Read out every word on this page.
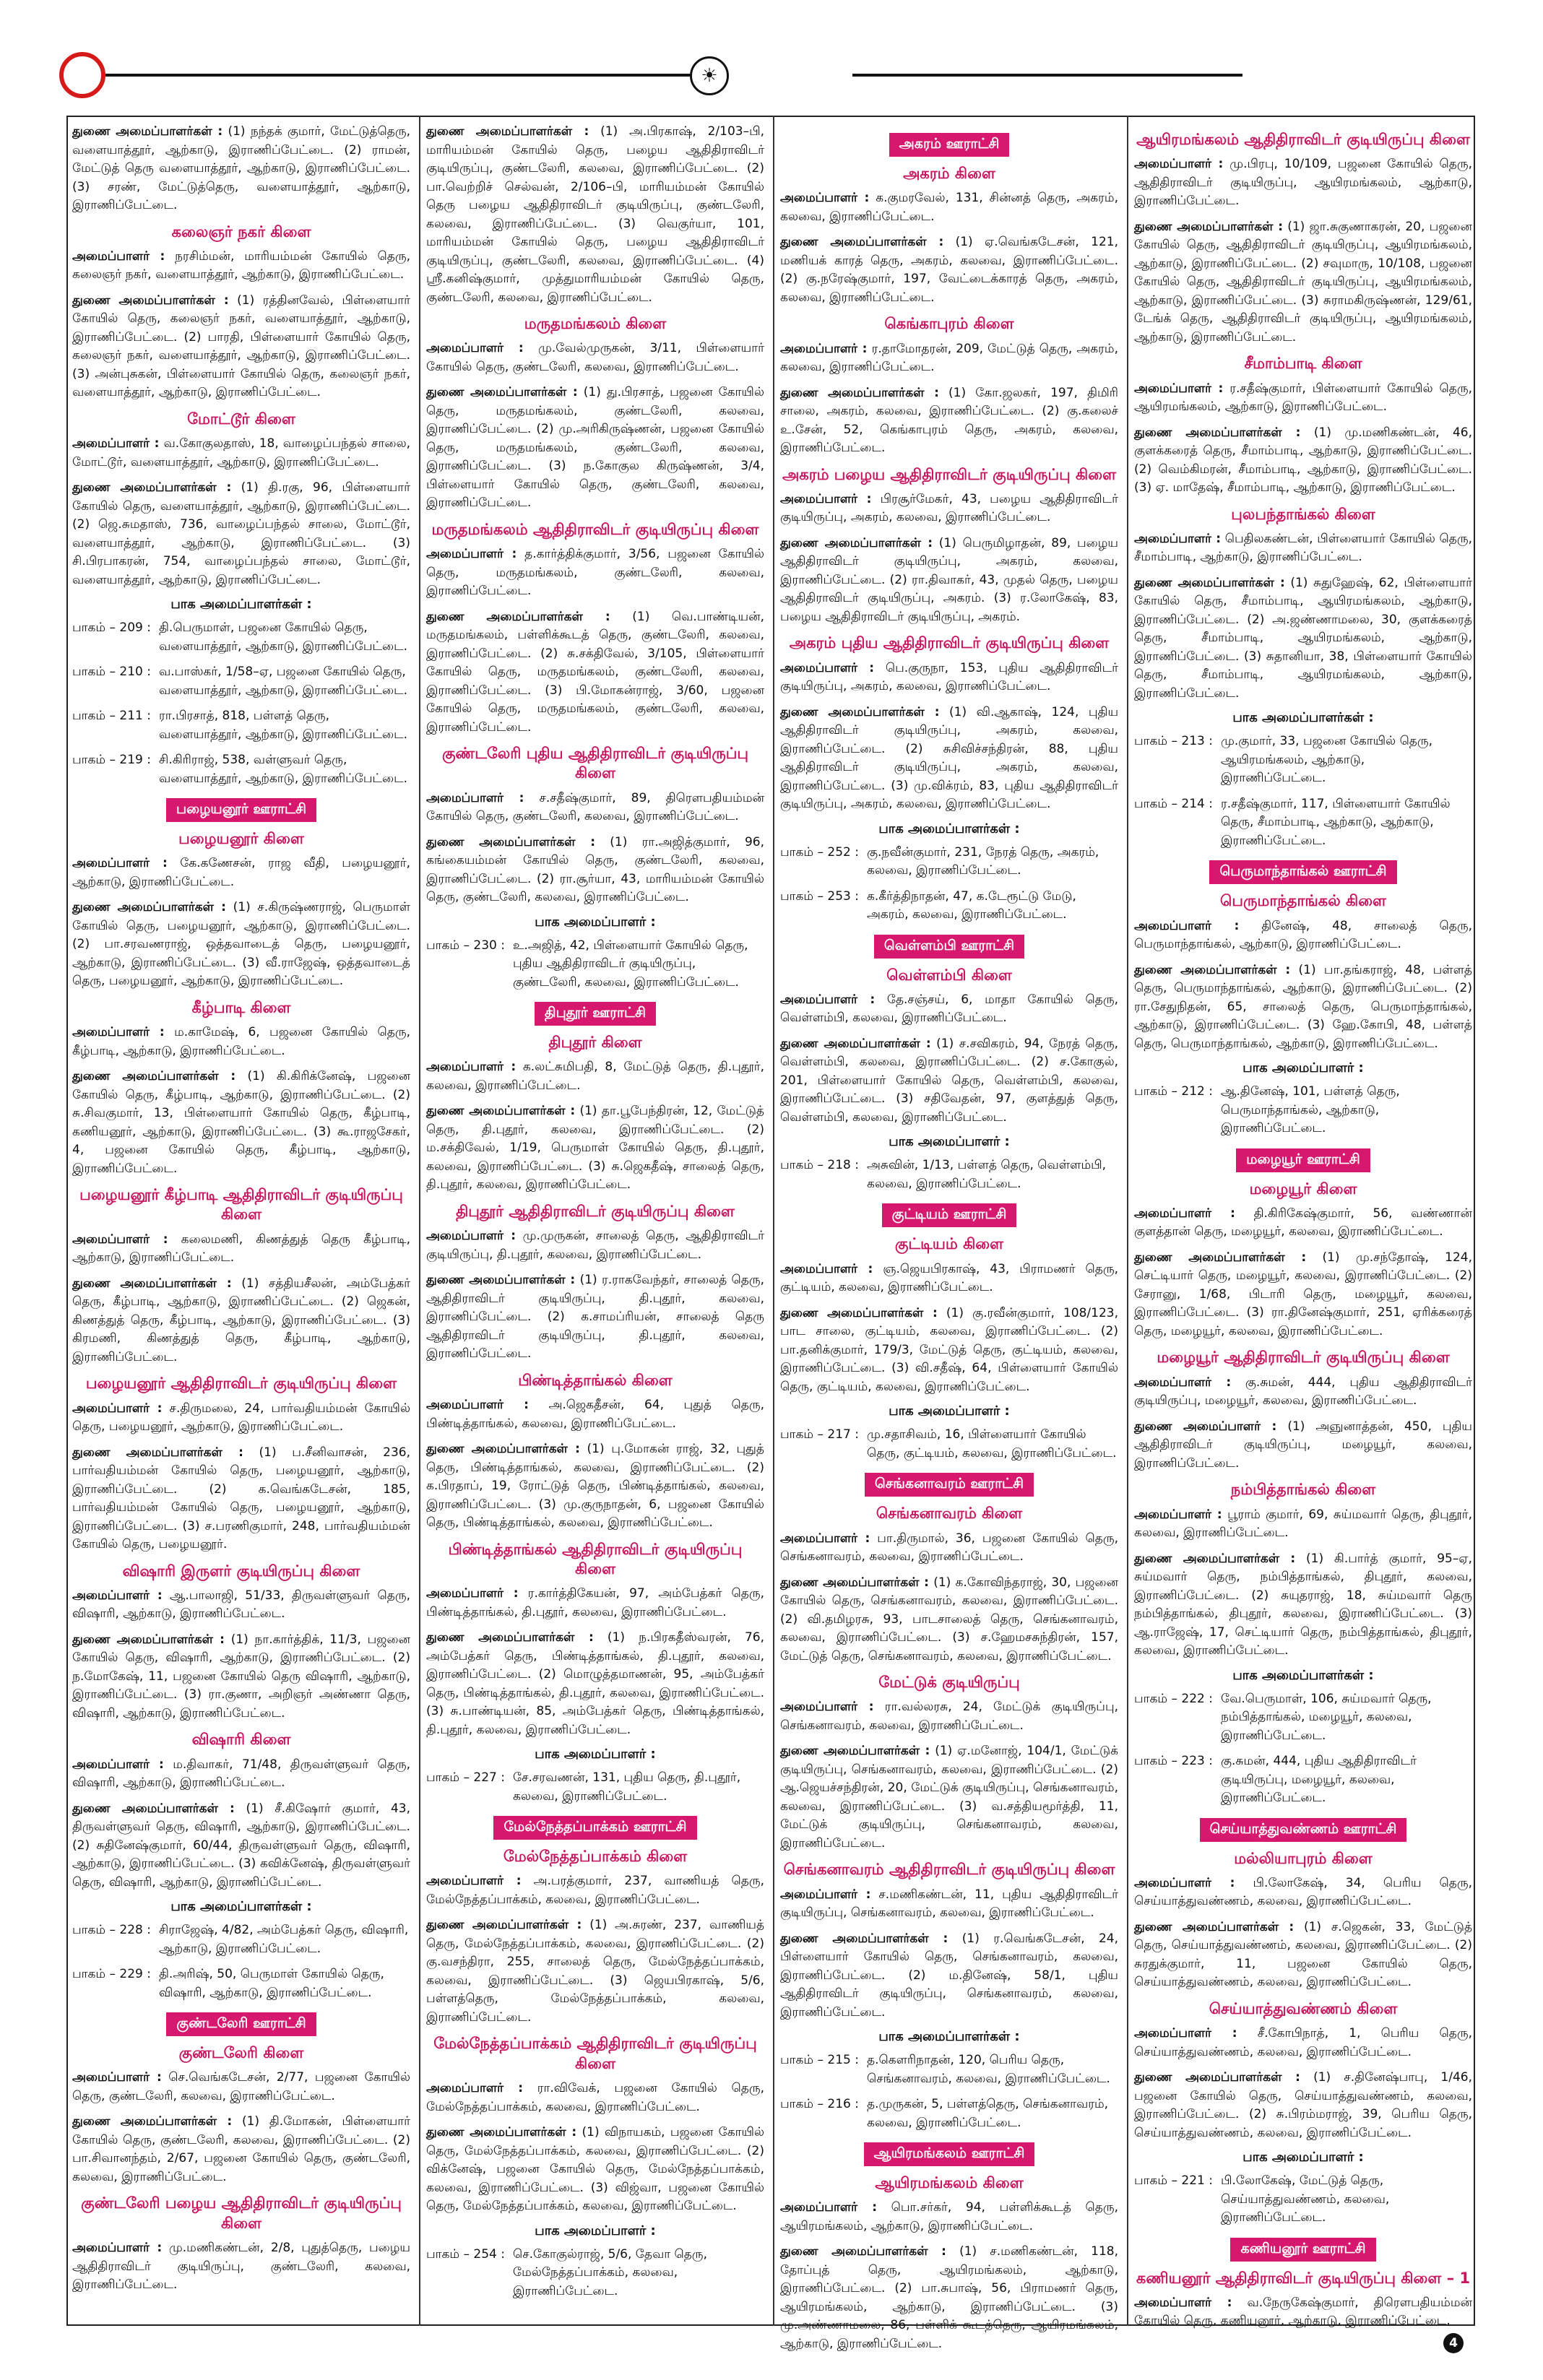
☀
துணை அமைப்பாளர்கள் : (1) நந்தக் குமார், மேட்டுத்தெரு, வளையாத்தூர், ஆற்காடு, இராணிப்பேட்டை. (2) ராமன், மேட்டுத் தெரு வளையாத்தூர், ஆற்காடு, இராணிப்பேட்டை. (3) சரண், மேட்டுத்தெரு, வளையாத்தூர், ஆற்காடு, இராணிப்பேட்டை.
கலைஞர் நகர் கிளை
அமைப்பாளர் : நரசிம்மன், மாரியம்மன் கோயில் தெரு, கலைஞர் நகர், வளையாத்தூர், ஆற்காடு, இராணிப்பேட்டை.
துணை அமைப்பாளர்கள் : (1) ரத்தினவேல், பிள்ளையார் கோயில் தெரு, கலைஞர் நகர், வளையாத்தூர், ஆற்காடு, இராணிப்பேட்டை. (2) பாரதி, பிள்ளையார் கோயில் தெரு, கலைஞர் நகர், வளையாத்தூர், ஆற்காடு, இராணிப்பேட்டை. (3) அன்புசுகன், பிள்ளையார் கோயில் தெரு, கலைஞர் நகர், வளையாத்தூர், ஆற்காடு, இராணிப்பேட்டை.
மோட்டூர் கிளை
அமைப்பாளர் : வ.கோகுலதாஸ், 18, வாழைப்பந்தல் சாலை, மோட்டூர், வளையாத்தூர், ஆற்காடு, இராணிப்பேட்டை.
துணை அமைப்பாளர்கள் : (1) தி.ரகு, 96, பிள்ளையார் கோயில் தெரு, வளையாத்தூர், ஆற்காடு, இராணிப்பேட்டை. (2) ஜெ.சுமதாஸ், 736, வாழைப்பந்தல் சாலை, மோட்டூர், வளையாத்தூர், ஆற்காடு, இராணிப்பேட்டை. (3) சி.பிரபாகரன், 754, வாழைப்பந்தல் சாலை, மோட்டூர், வளையாத்தூர், ஆற்காடு, இராணிப்பேட்டை.
பாக அமைப்பாளர்கள் :
பாகம் – 209 : தி.பெருமாள், பஜனை கோயில் தெரு, வளையாத்தூர், ஆற்காடு, இராணிப்பேட்டை.
பாகம் – 210 : வ.பாஸ்கர், 1/58–ஏ, பஜனை கோயில் தெரு, வளையாத்தூர், ஆற்காடு, இராணிப்பேட்டை.
பாகம் – 211 : ரா.பிரசாத், 818, பள்ளத் தெரு, வளையாத்தூர், ஆற்காடு, இராணிப்பேட்டை.
பாகம் – 219 : சி.கிரிராஜ், 538, வள்ளுவர் தெரு, வளையாத்தூர், ஆற்காடு, இராணிப்பேட்டை.
பழையனூர் ஊராட்சி
பழையனூர் கிளை
அமைப்பாளர் : கே.கணேசன், ராஜ வீதி, பழையனூர், ஆற்காடு, இராணிப்பேட்டை.
துணை அமைப்பாளர்கள் : (1) ச.கிருஷ்ணராஜ், பெருமாள் கோயில் தெரு, பழையனூர், ஆற்காடு, இராணிப்பேட்டை. (2) பா.சரவணராஜ், ஒத்தவாடைத் தெரு, பழையனூர், ஆற்காடு, இராணிப்பேட்டை. (3) வீ.ராஜேஷ், ஒத்தவாடைத் தெரு, பழையனூர், ஆற்காடு, இராணிப்பேட்டை.
கீழ்பாடி கிளை
அமைப்பாளர் : ம.காமேஷ், 6, பஜனை கோயில் தெரு, கீழ்பாடி, ஆற்காடு, இராணிப்பேட்டை.
துணை அமைப்பாளர்கள் : (1) கி.கிரிக்னேஷ், பஜனை கோயில் தெரு, கீழ்பாடி, ஆற்காடு, இராணிப்பேட்டை. (2) சு.சிவகுமார், 13, பிள்ளையார் கோயில் தெரு, கீழ்பாடி, கணியனூர், ஆற்காடு, இராணிப்பேட்டை. (3) கூ.ராஜசேகர், 4, பஜனை கோயில் தெரு, கீழ்பாடி, ஆற்காடு, இராணிப்பேட்டை.
பழையனூர் கீழ்பாடி ஆதிதிராவிடர் குடியிருப்பு கிளை
அமைப்பாளர் : கலைமணி, கிணத்துத் தெரு கீழ்பாடி, ஆற்காடு, இராணிப்பேட்டை.
துணை அமைப்பாளர்கள் : (1) சத்தியசீலன், அம்பேத்கர் தெரு, கீழ்பாடி, ஆற்காடு, இராணிப்பேட்டை. (2) ஜெகன், கிணத்துத் தெரு, கீழ்பாடி, ஆற்காடு, இராணிப்பேட்டை. (3) கிரமணி, கிணத்துத் தெரு, கீழ்பாடி, ஆற்காடு, இராணிப்பேட்டை.
பழையனூர் ஆதிதிராவிடர் குடியிருப்பு கிளை
அமைப்பாளர் : ச.திருமலை, 24, பார்வதியம்மன் கோயில் தெரு, பழையனூர், ஆற்காடு, இராணிப்பேட்டை.
துணை அமைப்பாளர்கள் : (1) ப.சீனிவாசன், 236, பார்வதியம்மன் கோயில் தெரு, பழையனூர், ஆற்காடு, இராணிப்பேட்டை. (2) க.வெங்கடேசன், 185, பார்வதியம்மன் கோயில் தெரு, பழையனூர், ஆற்காடு, இராணிப்பேட்டை. (3) ச.பரணிகுமார், 248, பார்வதியம்மன் கோயில் தெரு, பழையனூர்.
விஷாரி இருளர் குடியிருப்பு கிளை
அமைப்பாளர் : ஆ.பாலாஜி, 51/33, திருவள்ளுவர் தெரு, விஷாரி, ஆற்காடு, இராணிப்பேட்டை.
துணை அமைப்பாளர்கள் : (1) நா.கார்த்திக், 11/3, பஜனை கோயில் தெரு, விஷாரி, ஆற்காடு, இராணிப்பேட்டை. (2) ந.மோகேஷ், 11, பஜனை கோயில் தெரு விஷாரி, ஆற்காடு, இராணிப்பேட்டை. (3) ரா.குணா, அறிஞர் அண்ணா தெரு, விஷாரி, ஆற்காடு, இராணிப்பேட்டை.
விஷாரி கிளை
அமைப்பாளர் : ம.திவாகர், 71/48, திருவள்ளுவர் தெரு, விஷாரி, ஆற்காடு, இராணிப்பேட்டை.
துணை அமைப்பாளர்கள் : (1) சீ.கிஷோர் குமார், 43, திருவள்ளுவர் தெரு, விஷாரி, ஆற்காடு, இராணிப்பேட்டை. (2) சுதினேஷ்குமார், 60/44, திருவள்ளுவர் தெரு, விஷாரி, ஆற்காடு, இராணிப்பேட்டை. (3) கவிக்னேஷ், திருவள்ளுவர் தெரு, விஷாரி, ஆற்காடு, இராணிப்பேட்டை.
பாக அமைப்பாளர்கள் :
பாகம் – 228 : சிராஜேஷ், 4/82, அம்பேத்கர் தெரு, விஷாரி, ஆற்காடு, இராணிப்பேட்டை.
பாகம் – 229 : தி.அரிஷ், 50, பெருமாள் கோயில் தெரு, விஷாரி, ஆற்காடு, இராணிப்பேட்டை.
குண்டலேரி ஊராட்சி
குண்டலேரி கிளை
அமைப்பாளர் : செ.வெங்கடேசன், 2/77, பஜனை கோயில் தெரு, குண்டலேரி, கலவை, இராணிப்பேட்டை.
துணை அமைப்பாளர்கள் : (1) தி.மோகன், பிள்ளையார் கோயில் தெரு, குண்டலேரி, கலவை, இராணிப்பேட்டை. (2) பா.சிவானந்தம், 2/67, பஜனை கோயில் தெரு, குண்டலேரி, கலவை, இராணிப்பேட்டை.
குண்டலேரி பழைய ஆதிதிராவிடர் குடியிருப்பு கிளை
அமைப்பாளர் : மு.மணிகண்டன், 2/8, புதுத்தெரு, பழைய ஆதிதிராவிடர் குடியிருப்பு, குண்டலேரி, கலவை, இராணிப்பேட்டை.
துணை அமைப்பாளர்கள் : (1) அ.பிரகாஷ், 2/103–பி, மாரியம்மன் கோயில் தெரு, பழைய ஆதிதிராவிடர் குடியிருப்பு, குண்டலேரி, கலவை, இராணிப்பேட்டை. (2) பா.வெற்றிச் செல்வன், 2/106–பி, மாரியம்மன் கோயில் தெரு பழைய ஆதிதிராவிடர் குடியிருப்பு, குண்டலேரி, கலவை, இராணிப்பேட்டை. (3) வெகுர்யா, 101, மாரியம்மன் கோயில் தெரு, பழைய ஆதிதிராவிடர் குடியிருப்பு, குண்டலேரி, கலவை, இராணிப்பேட்டை. (4) ஸ்ரீ.கனிஷ்குமார், முத்துமாரியம்மன் கோயில் தெரு, குண்டலேரி, கலவை, இராணிப்பேட்டை.
மருதமங்கலம் கிளை
அமைப்பாளர் : மு.வேல்முருகன், 3/11, பிள்ளையார் கோயில் தெரு, குண்டலேரி, கலவை, இராணிப்பேட்டை.
துணை அமைப்பாளர்கள் : (1) து.பிரசாத், பஜனை கோயில் தெரு, மருதமங்கலம், குண்டலேரி, கலவை, இராணிப்பேட்டை. (2) மு.அரிகிருஷ்ணன், பஜனை கோயில் தெரு, மருதமங்கலம், குண்டலேரி, கலவை, இராணிப்பேட்டை. (3) ந.கோகுல கிருஷ்ணன், 3/4, பிள்ளையார் கோயில் தெரு, குண்டலேரி, கலவை, இராணிப்பேட்டை.
மருதமங்கலம் ஆதிதிராவிடர் குடியிருப்பு கிளை
அமைப்பாளர் : த.கார்த்திக்குமார், 3/56, பஜனை கோயில் தெரு, மருதமங்கலம், குண்டலேரி, கலவை, இராணிப்பேட்டை.
துணை அமைப்பாளர்கள் : (1) வெ.பாண்டியன், மருதமங்கலம், பள்ளிக்கூடத் தெரு, குண்டலேரி, கலவை, இராணிப்பேட்டை. (2) சு.சக்திவேல், 3/105, பிள்ளையார் கோயில் தெரு, மருதமங்கலம், குண்டலேரி, கலவை, இராணிப்பேட்டை. (3) பி.மோகன்ராஜ், 3/60, பஜனை கோயில் தெரு, மருதமங்கலம், குண்டலேரி, கலவை, இராணிப்பேட்டை.
குண்டலேரி புதிய ஆதிதிராவிடர் குடியிருப்பு கிளை
அமைப்பாளர் : ச.சதீஷ்குமார், 89, திரௌபதியம்மன் கோயில் தெரு, குண்டலேரி, கலவை, இராணிப்பேட்டை.
துணை அமைப்பாளர்கள் : (1) ரா.அஜித்குமார், 96, கங்கையம்மன் கோயில் தெரு, குண்டலேரி, கலவை, இராணிப்பேட்டை. (2) ரா.சூர்யா, 43, மாரியம்மன் கோயில் தெரு, குண்டலேரி, கலவை, இராணிப்பேட்டை.
பாக அமைப்பாளர் :
பாகம் – 230 : உ.அஜித், 42, பிள்ளையார் கோயில் தெரு, புதிய ஆதிதிராவிடர் குடியிருப்பு, குண்டலேரி, கலவை, இராணிப்பேட்டை.
திபுதூர் ஊராட்சி
திபுதூர் கிளை
அமைப்பாளர் : க.லட்சுமிபதி, 8, மேட்டுத் தெரு, தி.புதூர், கலவை, இராணிப்பேட்டை.
துணை அமைப்பாளர்கள் : (1) தா.பூபேந்திரன், 12, மேட்டுத் தெரு, தி.புதூர், கலவை, இராணிப்பேட்டை. (2) ம.சக்திவேல், 1/19, பெருமாள் கோயில் தெரு, தி.புதூர், கலவை, இராணிப்பேட்டை. (3) சு.ஜெகதீஷ், சாலைத் தெரு, தி.புதூர், கலவை, இராணிப்பேட்டை.
திபுதூர் ஆதிதிராவிடர் குடியிருப்பு கிளை
அமைப்பாளர் : மு.முருகன், சாலைத் தெரு, ஆதிதிராவிடர் குடியிருப்பு, தி.புதூர், கலவை, இராணிப்பேட்டை.
துணை அமைப்பாளர்கள் : (1) ர.ராகவேந்தர், சாலைத் தெரு, ஆதிதிராவிடர் குடியிருப்பு, தி.புதூர், கலவை, இராணிப்பேட்டை. (2) க.சாமப்ரியன், சாலைத் தெரு ஆதிதிராவிடர் குடியிருப்பு, தி.புதூர், கலவை, இராணிப்பேட்டை.
பிண்டித்தாங்கல் கிளை
அமைப்பாளர் : அ.ஜெகதீசன், 64, புதுத் தெரு, பிண்டித்தாங்கல், கலவை, இராணிப்பேட்டை.
துணை அமைப்பாளர்கள் : (1) பு.மோகன் ராஜ், 32, புதுத் தெரு, பிண்டித்தாங்கல், கலவை, இராணிப்பேட்டை. (2) க.பிரதாப், 19, ரோட்டுத் தெரு, பிண்டித்தாங்கல், கலவை, இராணிப்பேட்டை. (3) மு.குருநாதன், 6, பஜனை கோயில் தெரு, பிண்டித்தாங்கல், கலவை, இராணிப்பேட்டை.
பிண்டித்தாங்கல் ஆதிதிராவிடர் குடியிருப்பு கிளை
அமைப்பாளர் : ர.கார்த்திகேயன், 97, அம்பேத்கர் தெரு, பிண்டித்தாங்கல், தி.புதூர், கலவை, இராணிப்பேட்டை.
துணை அமைப்பாளர்கள் : (1) ந.பிரகதீஸ்வரன், 76, அம்பேத்கர் தெரு, பிண்டித்தாங்கல், தி.புதூர், கலவை, இராணிப்பேட்டை. (2) மொழுத்தமாணன், 95, அம்பேத்கர் தெரு, பிண்டித்தாங்கல், தி.புதூர், கலவை, இராணிப்பேட்டை. (3) சு.பாண்டியன், 85, அம்பேத்கர் தெரு, பிண்டித்தாங்கல், தி.புதூர், கலவை, இராணிப்பேட்டை.
பாக அமைப்பாளர் :
பாகம் – 227 : சே.சரவணன், 131, புதிய தெரு, தி.புதூர், கலவை, இராணிப்பேட்டை.
மேல்நேத்தப்பாக்கம் ஊராட்சி
மேல்நேத்தப்பாக்கம் கிளை
அமைப்பாளர் : அ.பரத்குமார், 237, வாணியத் தெரு, மேல்நேத்தப்பாக்கம், கலவை, இராணிப்பேட்டை.
துணை அமைப்பாளர்கள் : (1) அ.சுரண், 237, வாணியத் தெரு, மேல்நேத்தப்பாக்கம், கலவை, இராணிப்பேட்டை. (2) கு.வசந்திரா, 255, சாலைத் தெரு, மேல்நேத்தப்பாக்கம், கலவை, இராணிப்பேட்டை. (3) ஜெயபிரகாஷ், 5/6, பள்ளத்தெரு, மேல்நேத்தப்பாக்கம், கலவை, இராணிப்பேட்டை.
மேல்நேத்தப்பாக்கம் ஆதிதிராவிடர் குடியிருப்பு கிளை
அமைப்பாளர் : ரா.விவேக், பஜனை கோயில் தெரு, மேல்நேத்தப்பாக்கம், கலவை, இராணிப்பேட்டை.
துணை அமைப்பாளர்கள் : (1) விநாயகம், பஜனை கோயில் தெரு, மேல்நேத்தப்பாக்கம், கலவை, இராணிப்பேட்டை. (2) விக்னேஷ், பஜனை கோயில் தெரு, மேல்நேத்தப்பாக்கம், கலவை, இராணிப்பேட்டை. (3) விஜ்வா, பஜனை கோயில் தெரு, மேல்நேத்தப்பாக்கம், கலவை, இராணிப்பேட்டை.
பாக அமைப்பாளர் :
பாகம் – 254 : செ.கோகுல்ராஜ், 5/6, தேவா தெரு, மேல்நேத்தப்பாக்கம், கலவை, இராணிப்பேட்டை.
அகரம் ஊராட்சி
அகரம் கிளை
அமைப்பாளர் : க.குமரவேல், 131, சின்னத் தெரு, அகரம், கலவை, இராணிப்பேட்டை.
துணை அமைப்பாளர்கள் : (1) ஏ.வெங்கடேசன், 121, மணியக் காரத் தெரு, அகரம், கலவை, இராணிப்பேட்டை. (2) கு.நரேஷ்குமார், 197, வேட்டைக்காரத் தெரு, அகரம், கலவை, இராணிப்பேட்டை.
கெங்காபுரம் கிளை
அமைப்பாளர் : ர.தாமோதரன், 209, மேட்டுத் தெரு, அகரம், கலவை, இராணிப்பேட்டை.
துணை அமைப்பாளர்கள் : (1) கோ.ஜலகர், 197, திமிரி சாலை, அகரம், கலவை, இராணிப்பேட்டை. (2) கு.கலைச் உ.சேன், 52, கெங்காபுரம் தெரு, அகரம், கலவை, இராணிப்பேட்டை.
அகரம் பழைய ஆதிதிராவிடர் குடியிருப்பு கிளை
அமைப்பாளர் : பிரசூர்மேகர், 43, பழைய ஆதிதிராவிடர் குடியிருப்பு, அகரம், கலவை, இராணிப்பேட்டை.
துணை அமைப்பாளர்கள் : (1) பெருமிழாதன், 89, பழைய ஆதிதிராவிடர் குடியிருப்பு, அகரம், கலவை, இராணிப்பேட்டை. (2) ரா.திவாகர், 43, முதல் தெரு, பழைய ஆதிதிராவிடர் குடியிருப்பு, அகரம். (3) ர.லோகேஷ், 83, பழைய ஆதிதிராவிடர் குடியிருப்பு, அகரம்.
அகரம் புதிய ஆதிதிராவிடர் குடியிருப்பு கிளை
அமைப்பாளர் : பெ.குருநா, 153, புதிய ஆதிதிராவிடர் குடியிருப்பு, அகரம், கலவை, இராணிப்பேட்டை.
துணை அமைப்பாளர்கள் : (1) வி.ஆகாஷ், 124, புதிய ஆதிதிராவிடர் குடியிருப்பு, அகரம், கலவை, இராணிப்பேட்டை. (2) சுசிவிச்சந்திரன், 88, புதிய ஆதிதிராவிடர் குடியிருப்பு, அகரம், கலவை, இராணிப்பேட்டை. (3) மு.விக்ரம், 83, புதிய ஆதிதிராவிடர் குடியிருப்பு, அகரம், கலவை, இராணிப்பேட்டை.
பாக அமைப்பாளர்கள் :
பாகம் – 252 : கு.நவீன்குமார், 231, நேரத் தெரு, அகரம், கலவை, இராணிப்பேட்டை.
பாகம் – 253 : க.கீர்த்திநாதன், 47, க.டேரூட்டு மேடு, அகரம், கலவை, இராணிப்பேட்டை.
வெள்ளம்பி ஊராட்சி
வெள்ளம்பி கிளை
அமைப்பாளர் : தே.சஞ்சய், 6, மாதா கோயில் தெரு, வெள்ளம்பி, கலவை, இராணிப்பேட்டை.
துணை அமைப்பாளர்கள் : (1) ச.சவிகரம், 94, நேரத் தெரு, வெள்ளம்பி, கலவை, இராணிப்பேட்டை. (2) ச.கோகுல், 201, பிள்ளையார் கோயில் தெரு, வெள்ளம்பி, கலவை, இராணிப்பேட்டை. (3) சதிவேதன், 97, குளத்துத் தெரு, வெள்ளம்பி, கலவை, இராணிப்பேட்டை.
பாக அமைப்பாளர் :
பாகம் – 218 : அசுவின், 1/13, பள்ளத் தெரு, வெள்ளம்பி, கலவை, இராணிப்பேட்டை.
குட்டியம் ஊராட்சி
குட்டியம் கிளை
அமைப்பாளர் : ஞ.ஜெயபிரகாஷ், 43, பிராமணர் தெரு, குட்டியம், கலவை, இராணிப்பேட்டை.
துணை அமைப்பாளர்கள் : (1) கு.ரவீன்குமார், 108/123, பாட சாலை, குட்டியம், கலவை, இராணிப்பேட்டை. (2) பா.தனிக்குமார், 179/3, மேட்டுத் தெரு, குட்டியம், கலவை, இராணிப்பேட்டை. (3) வி.சதீஷ், 64, பிள்ளையார் கோயில் தெரு, குட்டியம், கலவை, இராணிப்பேட்டை.
பாக அமைப்பாளர் :
பாகம் – 217 : மு.சதாசிவம், 16, பிள்ளையார் கோயில் தெரு, குட்டியம், கலவை, இராணிப்பேட்டை.
செங்கனாவரம் ஊராட்சி
செங்கனாவரம் கிளை
அமைப்பாளர் : பா.திருமால், 36, பஜனை கோயில் தெரு, செங்கனாவரம், கலவை, இராணிப்பேட்டை.
துணை அமைப்பாளர்கள் : (1) க.கோவிந்தராஜ், 30, பஜனை கோயில் தெரு, செங்கனாவரம், கலவை, இராணிப்பேட்டை. (2) வி.தமிழரசு, 93, பாடசாலைத் தெரு, செங்கனாவரம், கலவை, இராணிப்பேட்டை. (3) ச.ஹேமசசுந்திரன், 157, மேட்டுத் தெரு, செங்கனாவரம், கலவை, இராணிப்பேட்டை.
மேட்டுக் குடியிருப்பு
அமைப்பாளர் : ரா.வல்லரசு, 24, மேட்டுக் குடியிருப்பு, செங்கனாவரம், கலவை, இராணிப்பேட்டை.
துணை அமைப்பாளர்கள் : (1) ஏ.மனோஜ், 104/1, மேட்டுக் குடியிருப்பு, செங்கனாவரம், கலவை, இராணிப்பேட்டை. (2) ஆ.ஜெயச்சந்திரன், 20, மேட்டுக் குடியிருப்பு, செங்கனாவரம், கலவை, இராணிப்பேட்டை. (3) வ.சத்தியமூர்த்தி, 11, மேட்டுக் குடியிருப்பு, செங்கனாவரம், கலவை, இராணிப்பேட்டை.
செங்கனாவரம் ஆதிதிராவிடர் குடியிருப்பு கிளை
அமைப்பாளர் : ச.மணிகண்டன், 11, புதிய ஆதிதிராவிடர் குடியிருப்பு, செங்கனாவரம், கலவை, இராணிப்பேட்டை.
துணை அமைப்பாளர்கள் : (1) ர.வெங்கடேசன், 24, பிள்ளையார் கோயில் தெரு, செங்கனாவரம், கலவை, இராணிப்பேட்டை. (2) ம.தினேஷ், 58/1, புதிய ஆதிதிராவிடர் குடியிருப்பு, செங்கனாவரம், கலவை, இராணிப்பேட்டை.
பாக அமைப்பாளர்கள் :
பாகம் – 215 : த.கௌரிநாதன், 120, பெரிய தெரு, செங்கனாவரம், கலவை, இராணிப்பேட்டை.
பாகம் – 216 : த.முருகன், 5, பள்ளத்தெரு, செங்கனாவரம், கலவை, இராணிப்பேட்டை.
ஆயிரமங்கலம் ஊராட்சி
ஆயிரமங்கலம் கிளை
அமைப்பாளர் : பொ.சர்கர், 94, பள்ளிக்கூடத் தெரு, ஆயிரமங்கலம், ஆற்காடு, இராணிப்பேட்டை.
துணை அமைப்பாளர்கள் : (1) ச.மணிகண்டன், 118, தோப்புத் தெரு, ஆயிரமங்கலம், ஆற்காடு, இராணிப்பேட்டை. (2) பா.சுபாஷ், 56, பிராமணர் தெரு, ஆயிரமங்கலம், ஆற்காடு, இராணிப்பேட்டை. (3) மு.அண்ணாமலை, 86, பள்ளிக் கூடத்தெரு, ஆயிரமங்கலம், ஆற்காடு, இராணிப்பேட்டை.
ஆயிரமங்கலம் ஆதிதிராவிடர் குடியிருப்பு கிளை
அமைப்பாளர் : மு.பிரபு, 10/109, பஜனை கோயில் தெரு, ஆதிதிராவிடர் குடியிருப்பு, ஆயிரமங்கலம், ஆற்காடு, இராணிப்பேட்டை.
துணை அமைப்பாளர்கள் : (1) ஜா.சுகுணாகரன், 20, பஜனை கோயில் தெரு, ஆதிதிராவிடர் குடியிருப்பு, ஆயிரமங்கலம், ஆற்காடு, இராணிப்பேட்டை. (2) சவுமாரு, 10/108, பஜனை கோயில் தெரு, ஆதிதிராவிடர் குடியிருப்பு, ஆயிரமங்கலம், ஆற்காடு, இராணிப்பேட்டை. (3) சுராமகிருஷ்ணன், 129/61, டேங்க் தெரு, ஆதிதிராவிடர் குடியிருப்பு, ஆயிரமங்கலம், ஆற்காடு, இராணிப்பேட்டை.
சீமாம்பாடி கிளை
அமைப்பாளர் : ர.சதீஷ்குமார், பிள்ளையார் கோயில் தெரு, ஆயிரமங்கலம், ஆற்காடு, இராணிப்பேட்டை.
துணை அமைப்பாளர்கள் : (1) மு.மணிகண்டன், 46, குளக்கரைத் தெரு, சீமாம்பாடி, ஆற்காடு, இராணிப்பேட்டை. (2) வெம்கிமரன், சீமாம்பாடி, ஆற்காடு, இராணிப்பேட்டை. (3) ஏ. மாதேஷ், சீமாம்பாடி, ஆற்காடு, இராணிப்பேட்டை.
புலபந்தாங்கல் கிளை
அமைப்பாளர் : பெதிலகண்டன், பிள்ளையார் கோயில் தெரு, சீமாம்பாடி, ஆற்காடு, இராணிப்பேட்டை.
துணை அமைப்பாளர்கள் : (1) சுதுஹேஷ், 62, பிள்ளையார் கோயில் தெரு, சீமாம்பாடி, ஆயிரமங்கலம், ஆற்காடு, இராணிப்பேட்டை. (2) அ.ஜண்ணாமலை, 30, குளக்கரைத் தெரு, சீமாம்பாடி, ஆயிரமங்கலம், ஆற்காடு, இராணிப்பேட்டை. (3) சுதானியா, 38, பிள்ளையார் கோயில் தெரு, சீமாம்பாடி, ஆயிரமங்கலம், ஆற்காடு, இராணிப்பேட்டை.
பாக அமைப்பாளர்கள் :
பாகம் – 213 : மு.குமார், 33, பஜனை கோயில் தெரு, ஆயிரமங்கலம், ஆற்காடு, இராணிப்பேட்டை.
பாகம் – 214 : ர.சதீஷ்குமார், 117, பிள்ளையார் கோயில் தெரு, சீமாம்பாடி, ஆற்காடு, ஆற்காடு, இராணிப்பேட்டை.
பெருமாந்தாங்கல் ஊராட்சி
பெருமாந்தாங்கல் கிளை
அமைப்பாளர் : தினேஷ், 48, சாலைத் தெரு, பெருமாந்தாங்கல், ஆற்காடு, இராணிப்பேட்டை.
துணை அமைப்பாளர்கள் : (1) பா.தங்கராஜ், 48, பள்ளத் தெரு, பெருமாந்தாங்கல், ஆற்காடு, இராணிப்பேட்டை. (2) ரா.சேதுநிதன், 65, சாலைத் தெரு, பெருமாந்தாங்கல், ஆற்காடு, இராணிப்பேட்டை. (3) ஹே.கோபி, 48, பள்ளத் தெரு, பெருமாந்தாங்கல், ஆற்காடு, இராணிப்பேட்டை.
பாக அமைப்பாளர் :
பாகம் – 212 : ஆ.தினேஷ், 101, பள்ளத் தெரு, பெருமாந்தாங்கல், ஆற்காடு, இராணிப்பேட்டை.
மழையூர் ஊராட்சி
மழையூர் கிளை
அமைப்பாளர் : தி.கிரிகேஷ்குமார், 56, வண்ணான் குளத்தான் தெரு, மழையூர், கலவை, இராணிப்பேட்டை.
துணை அமைப்பாளர்கள் : (1) மு.சந்தோஷ், 124, செட்டியார் தெரு, மழையூர், கலவை, இராணிப்பேட்டை. (2) சேரானு, 1/68, பிடாரி தெரு, மழையூர், கலவை, இராணிப்பேட்டை. (3) ரா.தினேஷ்குமார், 251, ஏரிக்கரைத் தெரு, மழையூர், கலவை, இராணிப்பேட்டை.
மழையூர் ஆதிதிராவிடர் குடியிருப்பு கிளை
அமைப்பாளர் : கு.சுமன், 444, புதிய ஆதிதிராவிடர் குடியிருப்பு, மழையூர், கலவை, இராணிப்பேட்டை.
துணை அமைப்பாளர் : (1) அஞுனாத்தன், 450, புதிய ஆதிதிராவிடர் குடியிருப்பு, மழையூர், கலவை, இராணிப்பேட்டை.
நம்பித்தாங்கல் கிளை
அமைப்பாளர் : பூராம் குமார், 69, சுய்மவார் தெரு, திபுதூர், கலவை, இராணிப்பேட்டை.
துணை அமைப்பாளர்கள் : (1) கி.பார்த் குமார், 95–ஏ, சுய்மவார் தெரு, நம்பித்தாங்கல், திபுதூர், கலவை, இராணிப்பேட்டை. (2) சுயுதராஜ், 18, சுய்மவார் தெரு நம்பித்தாங்கல், திபுதூர், கலவை, இராணிப்பேட்டை. (3) ஆ.ராஜேஷ், 17, செட்டியார் தெரு, நம்பித்தாங்கல், திபுதூர், கலவை, இராணிப்பேட்டை.
பாக அமைப்பாளர்கள் :
பாகம் – 222 : வே.பெருமாள், 106, சுய்மவார் தெரு, நம்பித்தாங்கல், மழையூர், கலவை, இராணிப்பேட்டை.
பாகம் – 223 : கு.சுமன், 444, புதிய ஆதிதிராவிடர் குடியிருப்பு, மழையூர், கலவை, இராணிப்பேட்டை.
செய்யாத்துவண்ணம் ஊராட்சி
மல்லியாபுரம் கிளை
அமைப்பாளர் : பி.லோகேஷ், 34, பெரிய தெரு, செய்யாத்துவண்ணம், கலவை, இராணிப்பேட்டை.
துணை அமைப்பாளர்கள் : (1) ச.ஜெகன், 33, மேட்டுத் தெரு, செய்யாத்துவண்ணம், கலவை, இராணிப்பேட்டை. (2) சுரதுக்குமார், 11, பஜனை கோயில் தெரு, செய்யாத்துவண்ணம், கலவை, இராணிப்பேட்டை.
செய்யாத்துவண்ணம் கிளை
அமைப்பாளர் : சீ.கோபிநாத், 1, பெரிய தெரு, செய்யாத்துவண்ணம், கலவை, இராணிப்பேட்டை.
துணை அமைப்பாளர்கள் : (1) ச.தினேஷ்பாபு, 1/46, பஜனை கோயில் தெரு, செய்யாத்துவண்ணம், கலவை, இராணிப்பேட்டை. (2) சு.பிரம்மராஜ், 39, பெரிய தெரு, செய்யாத்துவண்ணம், கலவை, இராணிப்பேட்டை.
பாக அமைப்பாளர் :
பாகம் – 221 : பி.லோகேஷ், மேட்டுத் தெரு, செய்யாத்துவண்ணம், கலவை, இராணிப்பேட்டை.
கணியனூர் ஊராட்சி
கணியனூர் ஆதிதிராவிடர் குடியிருப்பு கிளை – 1
அமைப்பாளர் : வ.நேருகேஷ்குமார், திரௌபதியம்மன் கோயில் தெரு, கணியனூர், ஆற்காடு, இராணிப்பேட்டை.
4
